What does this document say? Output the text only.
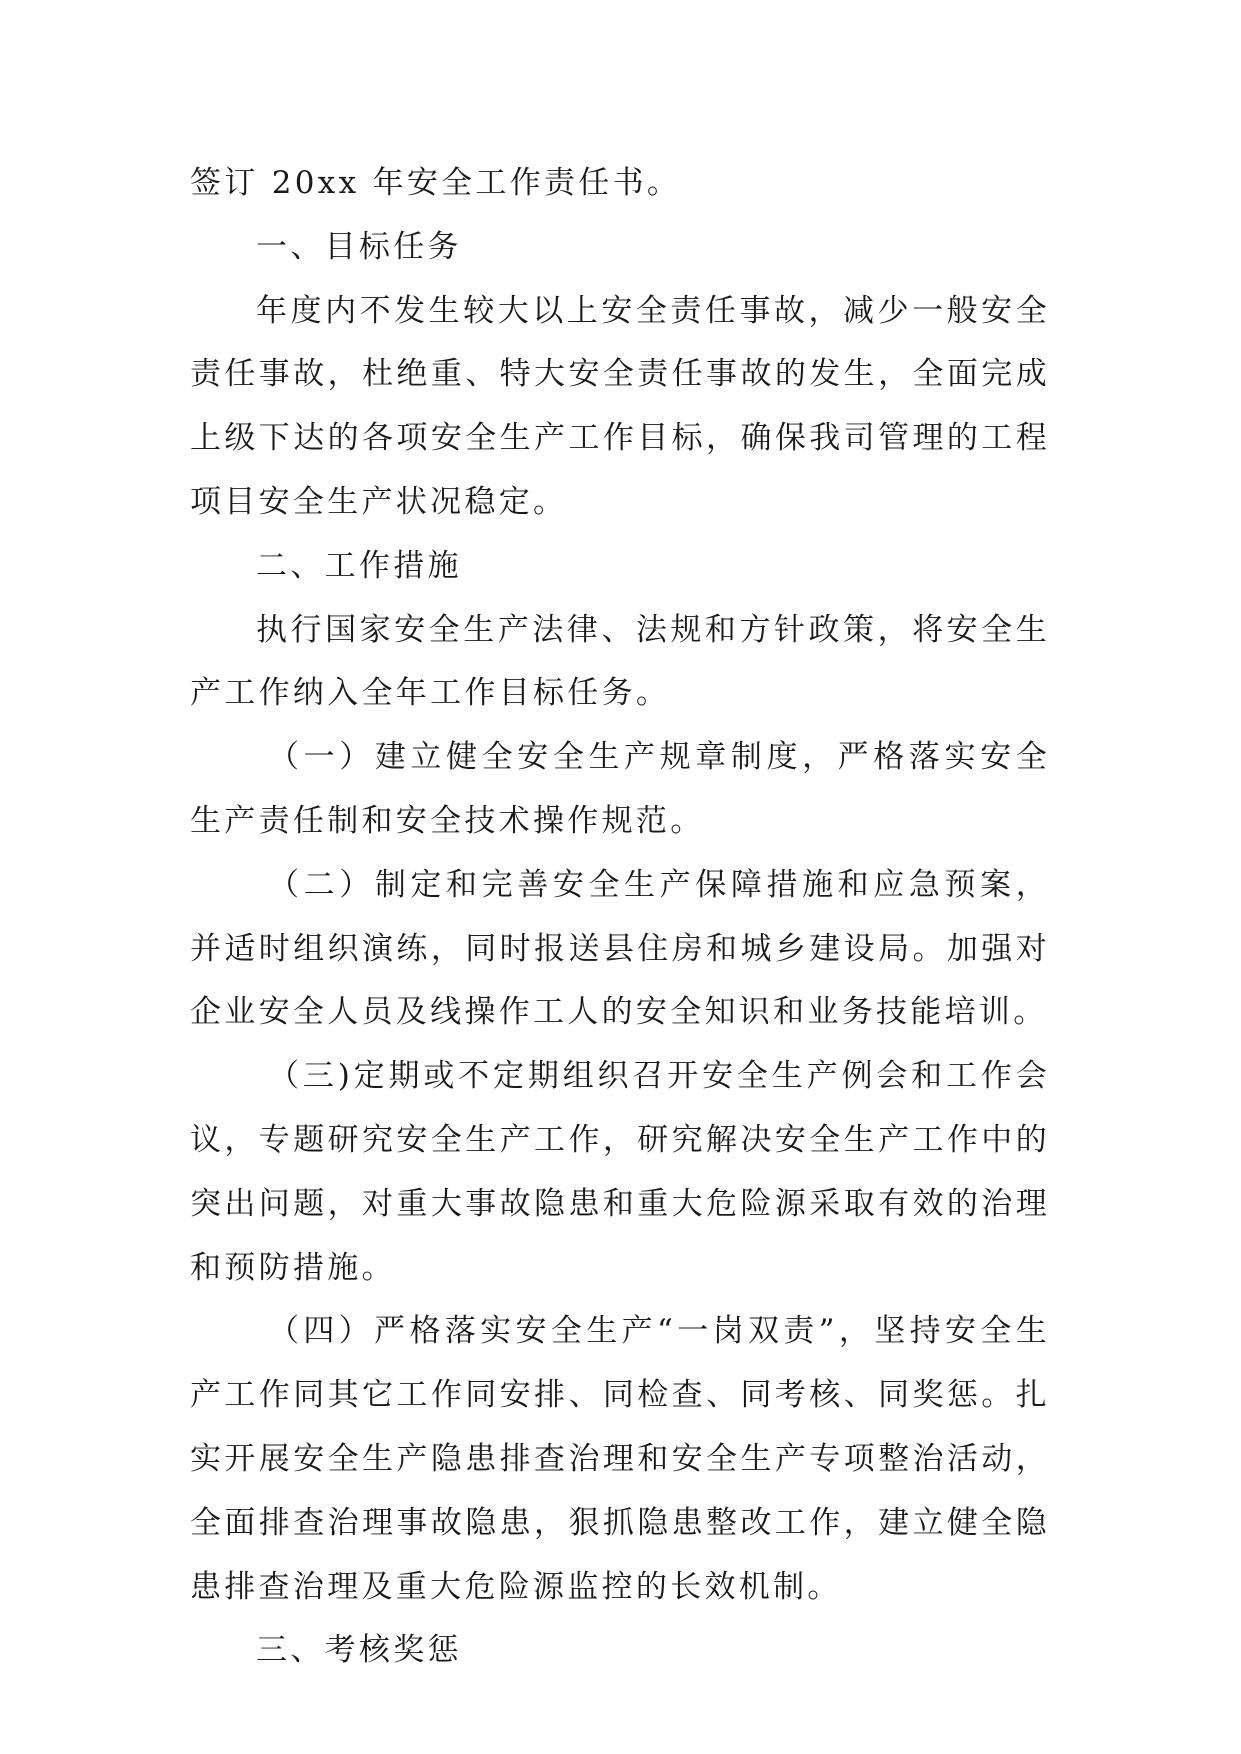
签订 20xx 年安全工作责任书。

一、目标任务

年度内不发生较大以上安全责任事故，减少一般安全责任事故，杜绝重、特大安全责任事故的发生，全面完成上级下达的各项安全生产工作目标，确保我司管理的工程项目安全生产状况稳定。

二、工作措施

执行国家安全生产法律、法规和方针政策，将安全生产工作纳入全年工作目标任务。

（一）建立健全安全生产规章制度，严格落实安全生产责任制和安全技术操作规范。

（二）制定和完善安全生产保障措施和应急预案，并适时组织演练，同时报送县住房和城乡建设局。加强对企业安全人员及线操作工人的安全知识和业务技能培训。

（三)定期或不定期组织召开安全生产例会和工作会议，专题研究安全生产工作，研究解决安全生产工作中的突出问题，对重大事故隐患和重大危险源采取有效的治理和预防措施。

（四）严格落实安全生产“一岗双责”，坚持安全生产工作同其它工作同安排、同检查、同考核、同奖惩。扎实开展安全生产隐患排查治理和安全生产专项整治活动，全面排查治理事故隐患，狠抓隐患整改工作，建立健全隐患排查治理及重大危险源监控的长效机制。

三、考核奖惩
